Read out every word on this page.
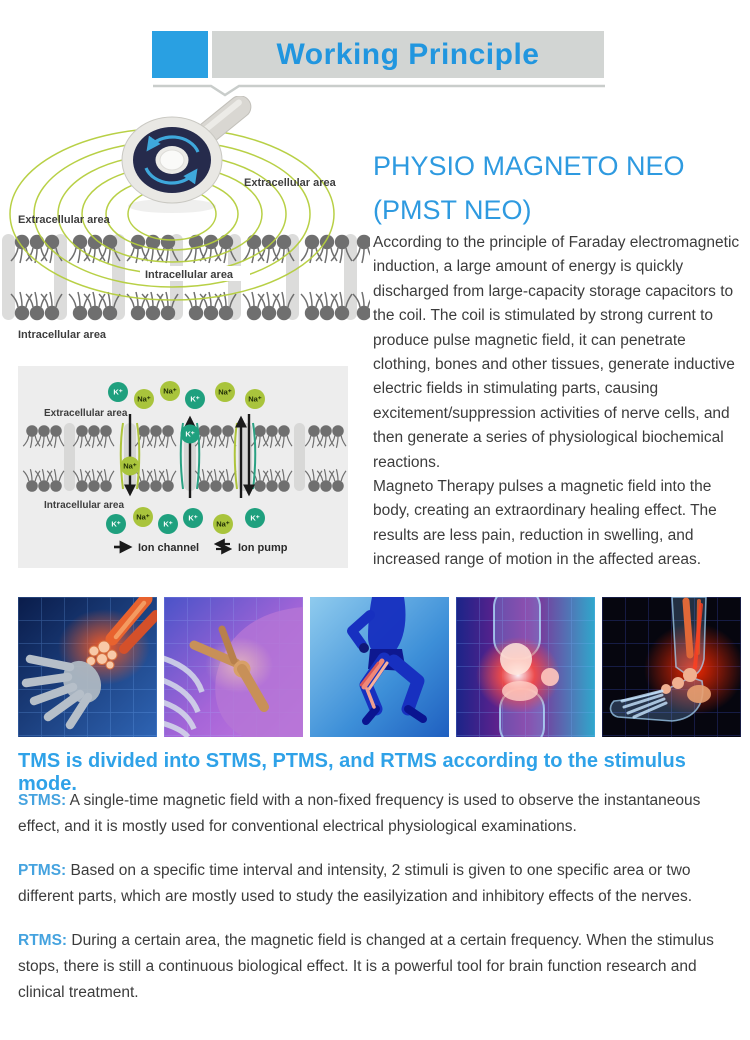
Working Principle
Extracellular area
Extracellular area
Intracellular area
Intracellular area
PHYSIO MAGNETO NEO
(PMST NEO)

According to the principle of Faraday electromagnetic induction, a large amount of energy is quickly discharged from large-capacity storage capacitors to the coil. The coil is stimulated by strong current to produce pulse magnetic field, it can penetrate clothing, bones and other tissues, generate inductive electric fields in stimulating parts, causing excitement/suppression activities of nerve cells, and then generate a series of physiological biochemical reactions.

Magneto Therapy pulses a magnetic field into the body, creating an extraordinary healing effect. The results are less pain, reduction in swelling, and increased range of motion in the affected areas.

Na⁺
K⁺
K⁺
Na⁺
Na⁺
K⁺
Na⁺
Na⁺
K⁺
Na⁺
K⁺
K⁺
Na⁺
K⁺
Extracellular area
Intracellular area
Ion channel	Ion pump
TMS is divided into STMS, PTMS, and RTMS according to the stimulus mode.
STMS: A single-time magnetic field with a non-fixed frequency is used to observe the instantaneous effect, and it is mostly used for conventional electrical physiological examinations.
PTMS: Based on a specific time interval and intensity, 2 stimuli is given to one specific area or two different parts, which are mostly used to study the easilyization and inhibitory effects of the nerves.
RTMS: During a certain area, the magnetic field is changed at a certain frequency. When the stimulus stops, there is still a continuous biological effect. It is a powerful tool for brain function research and clinical treatment.
